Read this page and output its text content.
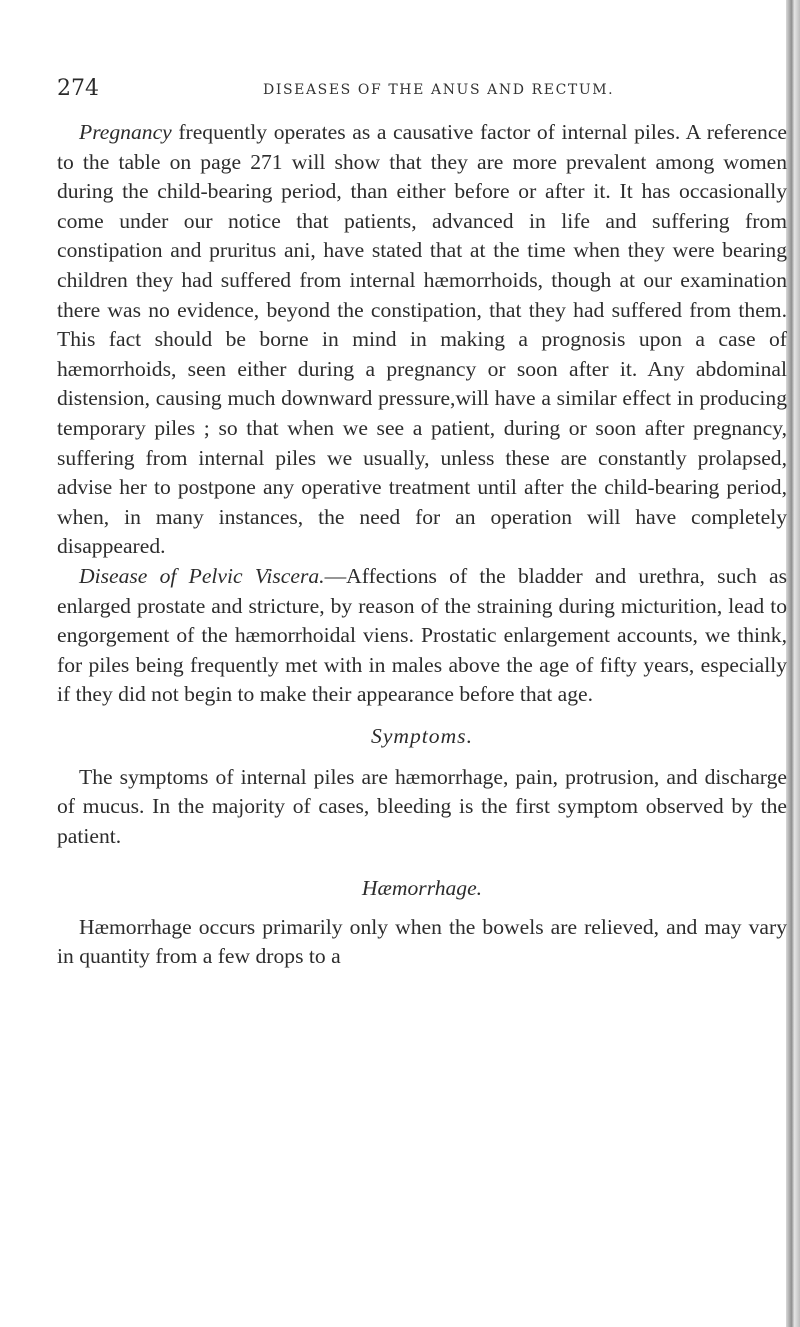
274	DISEASES OF THE ANUS AND RECTUM.

Pregnancy frequently operates as a causative factor of internal piles. A reference to the table on page 271 will show that they are more prevalent among women during the child-bearing period, than either before or after it. It has occasionally come under our notice that patients, advanced in life and suffering from constipation and pruritus ani, have stated that at the time when they were bearing children they had suffered from internal hæmorrhoids, though at our examination there was no evidence, beyond the constipation, that they had suffered from them. This fact should be borne in mind in making a prognosis upon a case of hæmorrhoids, seen either during a pregnancy or soon after it. Any abdominal distension, causing much downward pressure,will have a similar effect in producing temporary piles ; so that when we see a patient, during or soon after pregnancy, suffering from internal piles we usually, unless these are constantly prolapsed, advise her to postpone any operative treatment until after the child-bearing period, when, in many instances, the need for an operation will have completely disappeared.

Disease of Pelvic Viscera.—Affections of the bladder and urethra, such as enlarged prostate and stricture, by reason of the straining during micturition, lead to engorgement of the hæmorrhoidal viens. Prostatic enlargement accounts, we think, for piles being frequently met with in males above the age of fifty years, especially if they did not begin to make their appearance before that age.

Symptoms.

The symptoms of internal piles are hæmorrhage, pain, protrusion, and discharge of mucus. In the majority of cases, bleeding is the first symptom observed by the patient.

Hæmorrhage.

Hæmorrhage occurs primarily only when the bowels are relieved, and may vary in quantity from a few drops to a
